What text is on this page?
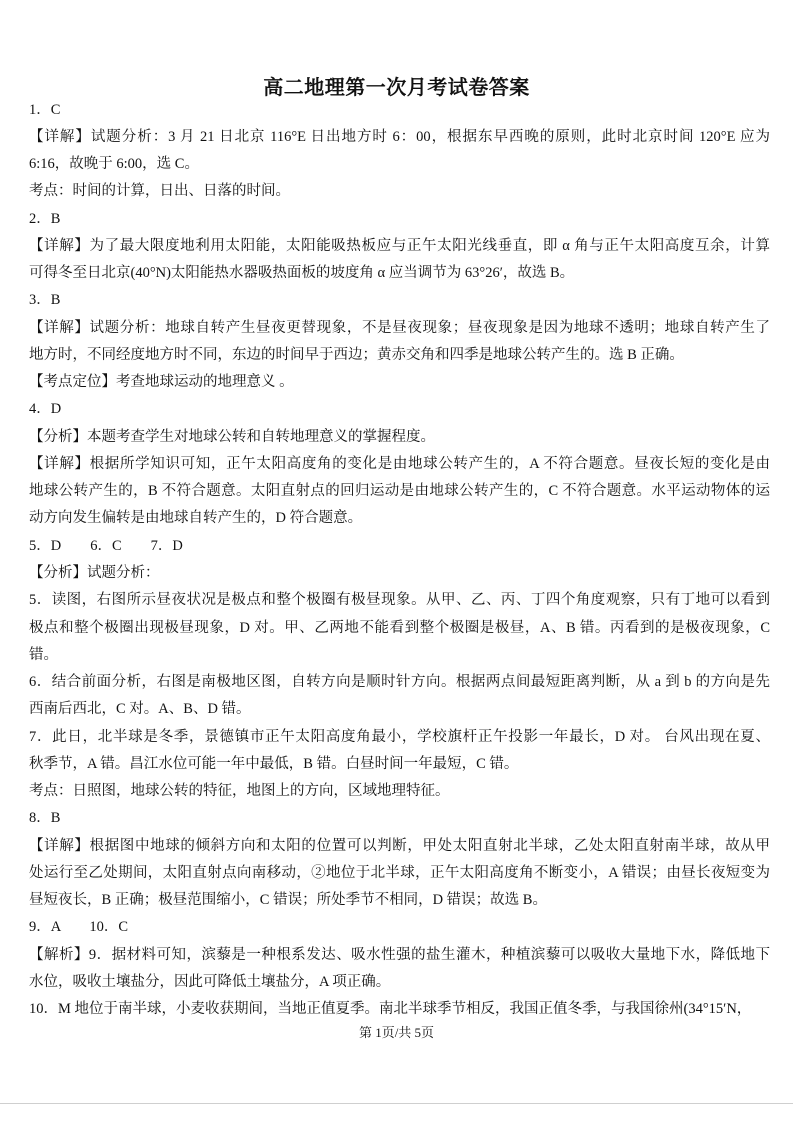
高二地理第一次月考试卷答案
1．C
【详解】试题分析：3 月 21 日北京 116°E 日出地方时 6：00，根据东早西晚的原则，此时北京时间 120°E 应为
6:16，故晚于 6:00，选 C。
考点：时间的计算，日出、日落的时间。
2．B
【详解】为了最大限度地利用太阳能，太阳能吸热板应与正午太阳光线垂直，即 α 角与正午太阳高度互余，计算
可得冬至日北京(40°N)太阳能热水器吸热面板的坡度角 α 应当调节为 63°26′，故选 B。
3．B
【详解】试题分析：地球自转产生昼夜更替现象，不是昼夜现象；昼夜现象是因为地球不透明；地球自转产生了
地方时，不同经度地方时不同，东边的时间早于西边；黄赤交角和四季是地球公转产生的。选 B 正确。
【考点定位】考查地球运动的地理意义 。
4．D
【分析】本题考查学生对地球公转和自转地理意义的掌握程度。
【详解】根据所学知识可知，正午太阳高度角的变化是由地球公转产生的，A 不符合题意。昼夜长短的变化是由
地球公转产生的，B 不符合题意。太阳直射点的回归运动是由地球公转产生的，C 不符合题意。水平运动物体的运
动方向发生偏转是由地球自转产生的，D 符合题意。
5．D　　6．C　　7．D
【分析】试题分析：
5．读图，右图所示昼夜状况是极点和整个极圈有极昼现象。从甲、乙、丙、丁四个角度观察，只有丁地可以看到
极点和整个极圈出现极昼现象，D 对。甲、乙两地不能看到整个极圈是极昼，A、B 错。丙看到的是极夜现象，C
错。
6．结合前面分析，右图是南极地区图，自转方向是顺时针方向。根据两点间最短距离判断，从 a 到 b 的方向是先
西南后西北，C 对。A、B、D 错。
7．此日，北半球是冬季，景德镇市正午太阳高度角最小，学校旗杆正午投影一年最长，D 对。 台风出现在夏、
秋季节，A 错。昌江水位可能一年中最低，B 错。白昼时间一年最短，C 错。
考点：日照图，地球公转的特征，地图上的方向，区域地理特征。
8．B
【详解】根据图中地球的倾斜方向和太阳的位置可以判断，甲处太阳直射北半球，乙处太阳直射南半球，故从甲
处运行至乙处期间，太阳直射点向南移动，②地位于北半球，正午太阳高度角不断变小，A 错误；由昼长夜短变为
昼短夜长，B 正确；极昼范围缩小，C 错误；所处季节不相同，D 错误；故选 B。
9．A　　10．C
【解析】9．据材料可知，滨藜是一种根系发达、吸水性强的盐生灌木，种植滨藜可以吸收大量地下水，降低地下
水位，吸收土壤盐分，因此可降低土壤盐分，A 项正确。
10．M 地位于南半球，小麦收获期间，当地正值夏季。南北半球季节相反，我国正值冬季，与我国徐州(34°15′N，
第 1页/共 5页
